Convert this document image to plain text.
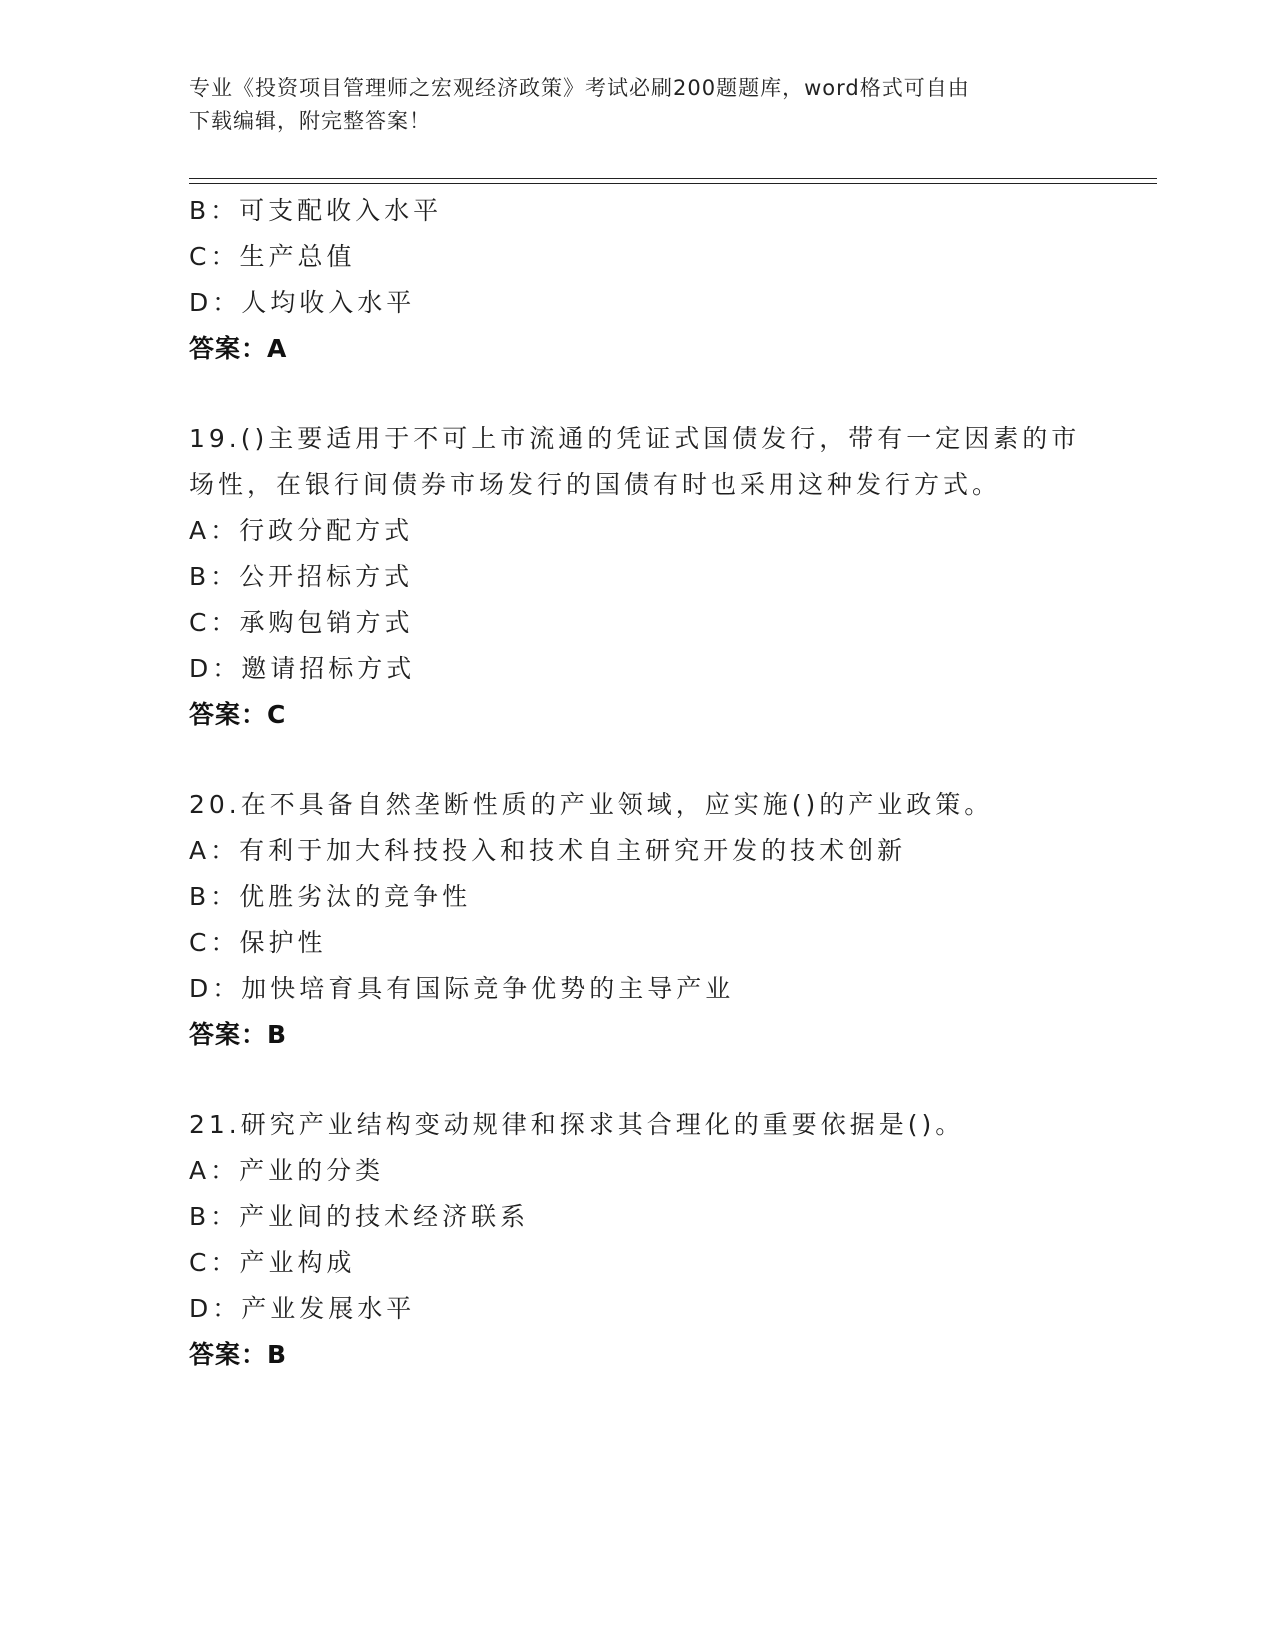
专业《投资项目管理师之宏观经济政策》考试必刷200题题库，word格式可自由
下载编辑，附完整答案！
B：可支配收入水平
C：生产总值
D：人均收入水平
答案：A
19.()主要适用于不可上市流通的凭证式国债发行，带有一定因素的市
场性，在银行间债券市场发行的国债有时也采用这种发行方式。
A：行政分配方式
B：公开招标方式
C：承购包销方式
D：邀请招标方式
答案：C
20.在不具备自然垄断性质的产业领域，应实施()的产业政策。
A：有利于加大科技投入和技术自主研究开发的技术创新
B：优胜劣汰的竞争性
C：保护性
D：加快培育具有国际竞争优势的主导产业
答案：B
21.研究产业结构变动规律和探求其合理化的重要依据是()。
A：产业的分类
B：产业间的技术经济联系
C：产业构成
D：产业发展水平
答案：B
